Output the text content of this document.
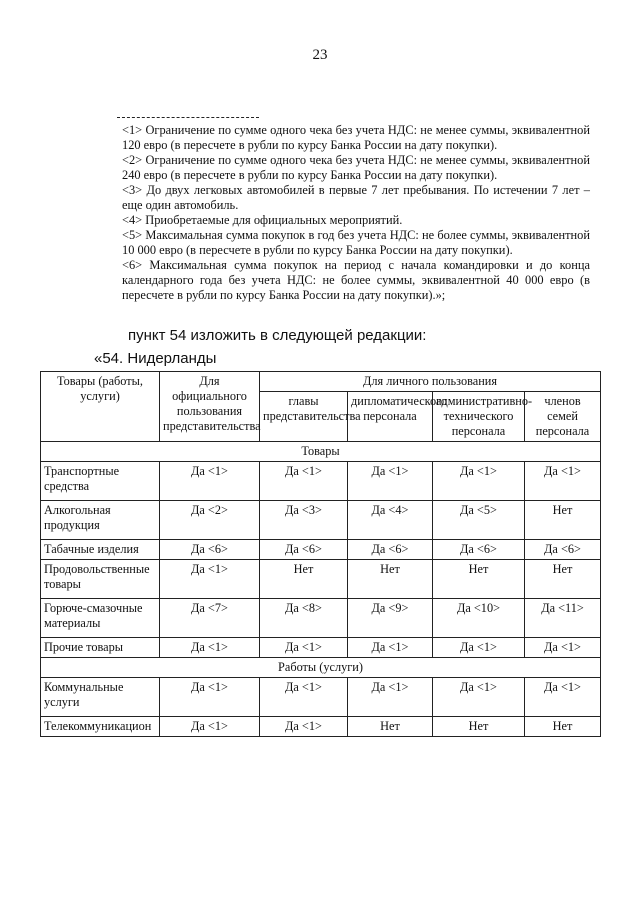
23
<1> Ограничение по сумме одного чека без учета НДС: не менее суммы, эквивалентной 120 евро (в пересчете в рубли по курсу Банка России на дату покупки).
<2> Ограничение по сумме одного чека без учета НДС: не менее суммы, эквивалентной 240 евро (в пересчете в рубли по курсу Банка России на дату покупки).
<3> До двух легковых автомобилей в первые 7 лет пребывания. По истечении 7 лет – еще один автомобиль.
<4> Приобретаемые для официальных мероприятий.
<5> Максимальная сумма покупок в год без учета НДС: не более суммы, эквивалентной 10 000 евро (в пересчете в рубли по курсу Банка России на дату покупки).
<6> Максимальная сумма покупок на период с начала командировки и до конца календарного года без учета НДС: не более суммы, эквивалентной 40 000 евро (в пересчете в рубли по курсу Банка России на дату покупки).»;
пункт 54 изложить в следующей редакции:
«54. Нидерланды
Товары (работы, услуги)	Для официального пользования представительства	Для личного пользования			
		главы представительства	дипломатического персонала	административно-технического персонала	членов семей персонала
Товары					
Транспортные средства	Да <1>	Да <1>	Да <1>	Да <1>	Да <1>
Алкогольная продукция	Да <2>	Да <3>	Да <4>	Да <5>	Нет
Табачные изделия	Да <6>	Да <6>	Да <6>	Да <6>	Да <6>
Продовольственные товары	Да <1>	Нет	Нет	Нет	Нет
Горюче-смазочные материалы	Да <7>	Да <8>	Да <9>	Да <10>	Да <11>
Прочие товары	Да <1>	Да <1>	Да <1>	Да <1>	Да <1>
Работы (услуги)					
Коммунальные услуги	Да <1>	Да <1>	Да <1>	Да <1>	Да <1>
Телекоммуникацион	Да <1>	Да <1>	Нет	Нет	Нет
